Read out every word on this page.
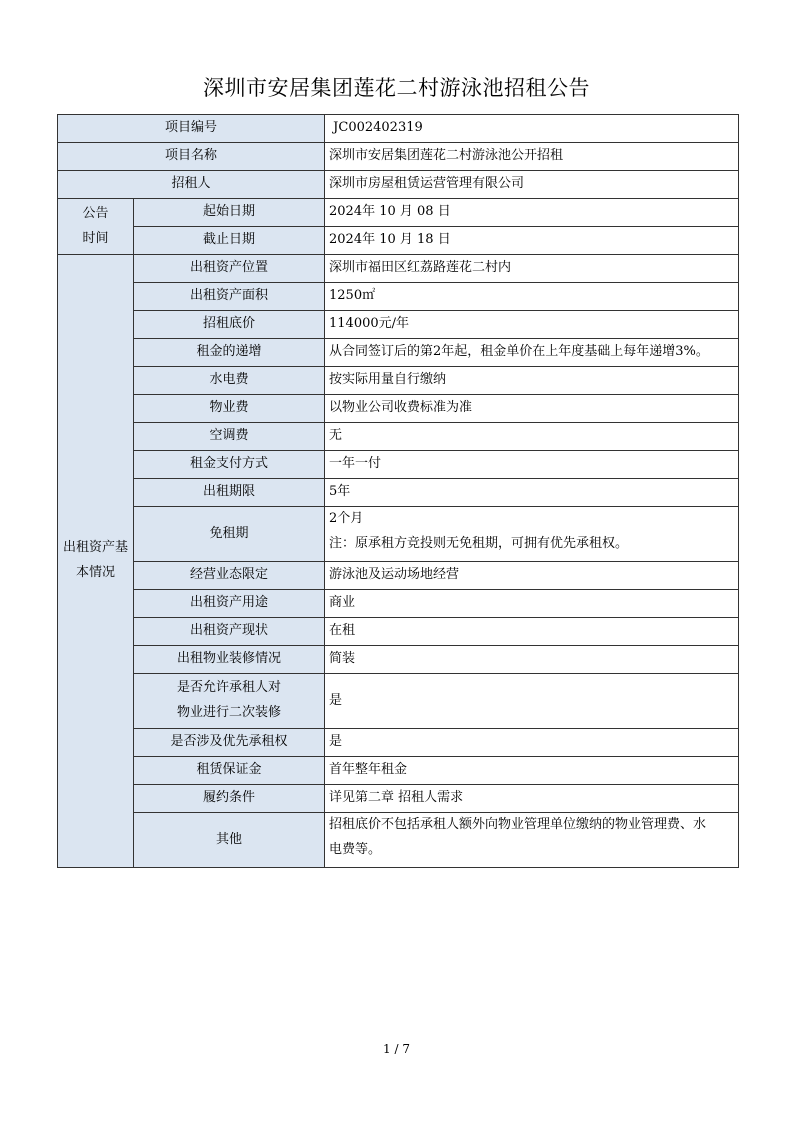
深圳市安居集团莲花二村游泳池招租公告
项目编号		JC002402319
项目名称		深圳市安居集团莲花二村游泳池公开招租
招租人		深圳市房屋租赁运营管理有限公司

公告
时间	起始日期	2024年 10 月 08 日
	截止日期	2024年 10 月 18 日

出租资产基
本情况	出租资产位置	深圳市福田区红荔路莲花二村内
	出租资产面积	1250㎡
	招租底价	114000元/年
	租金的递增	从合同签订后的第2年起，租金单价在上年度基础上每年递增3%。
	水电费	按实际用量自行缴纳
	物业费	以物业公司收费标准为准
	空调费	无
	租金支付方式	一年一付
	出租期限	5年
	免租期	2个月
注：原承租方竞投则无免租期，可拥有优先承租权。

	经营业态限定	游泳池及运动场地经营
	出租资产用途	商业
	出租资产现状	在租
	出租物业装修情况	简装

	是否允许承租人对
物业进行二次装修	是
	是否涉及优先承租权	是
	租赁保证金	首年整年租金
	履约条件	详见第二章 招租人需求
	其他	招租底价不包括承租人额外向物业管理单位缴纳的物业管理费、水
电费等。
1 / 7
